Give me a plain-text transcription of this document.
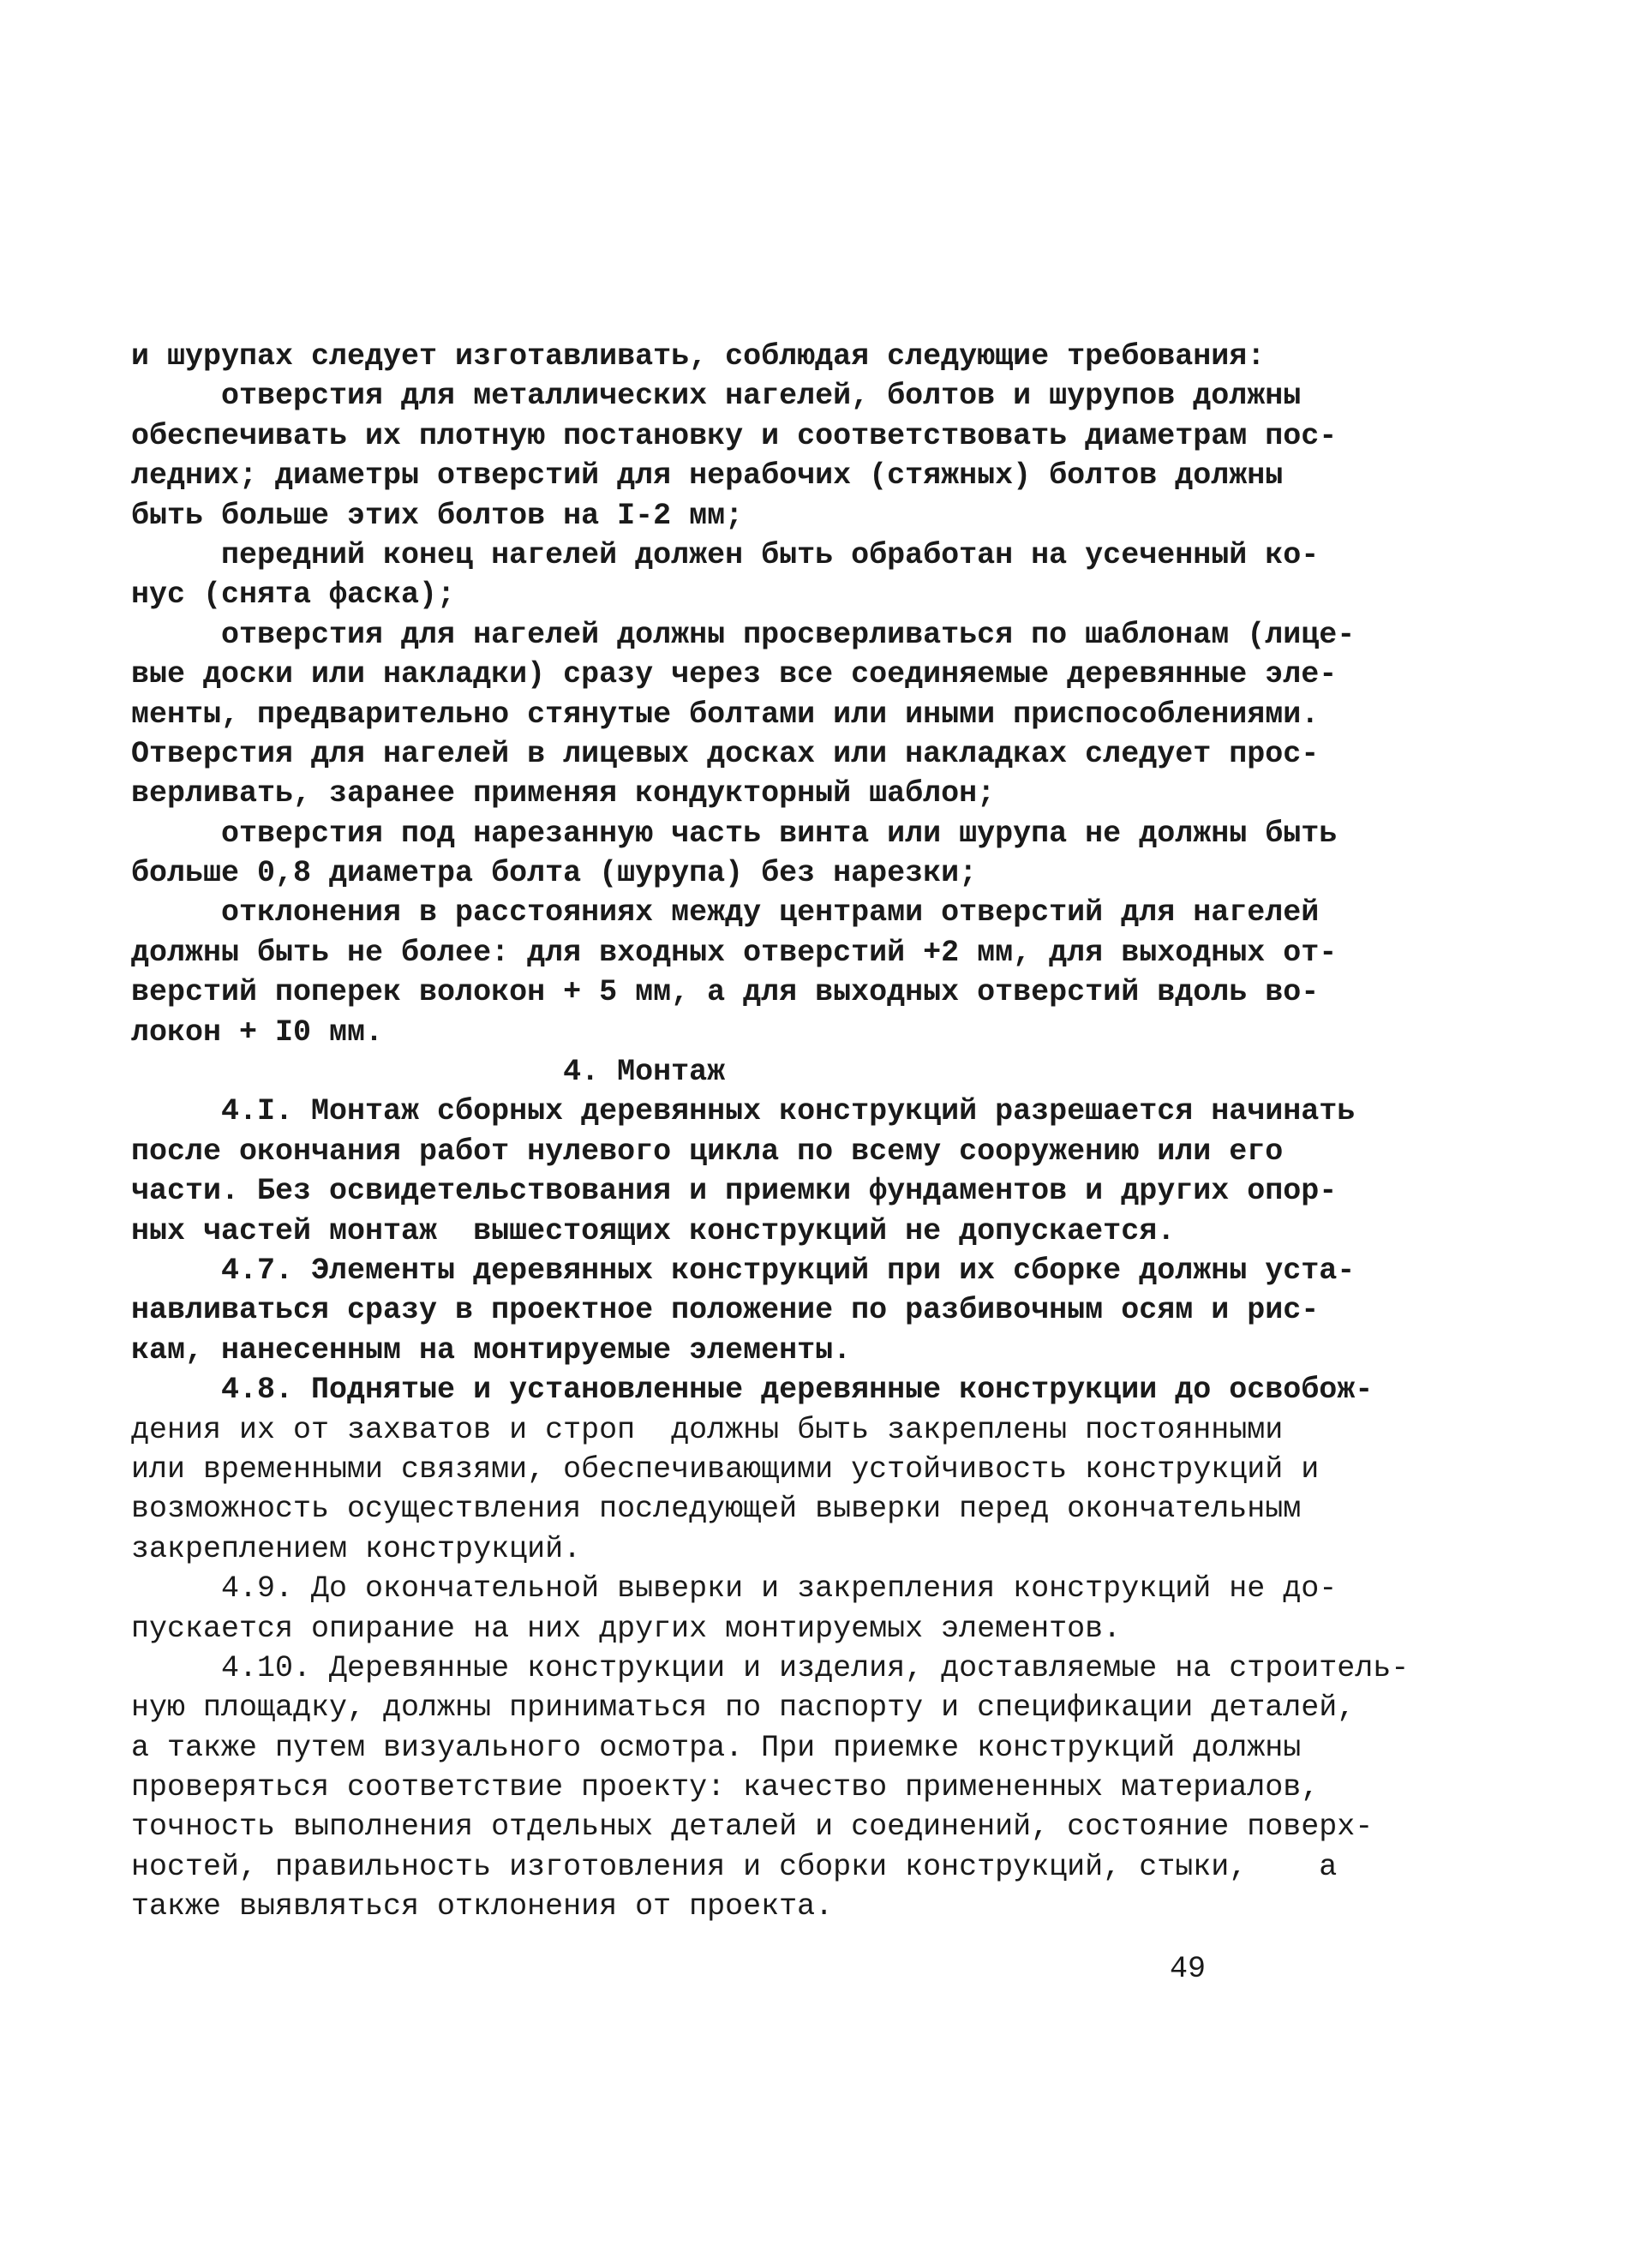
и шурупах следует изготавливать, соблюдая следующие требования:
отверстия для металлических нагелей, болтов и шурупов должны
обеспечивать их плотную постановку и соответствовать диаметрам пос-
ледних; диаметры отверстий для нерабочих (стяжных) болтов должны
быть больше этих болтов на I-2 мм;
передний конец нагелей должен быть обработан на усеченный ко-
нус (снята фаска);
отверстия для нагелей должны просверливаться по шаблонам (лице-
вые доски или накладки) сразу через все соединяемые деревянные эле-
менты, предварительно стянутые болтами или иными приспособлениями.
Отверстия для нагелей в лицевых досках или накладках следует прос-
верливать, заранее применяя кондукторный шаблон;
отверстия под нарезанную часть винта или шурупа не должны быть
больше 0,8 диаметра болта (шурупа) без нарезки;
отклонения в расстояниях между центрами отверстий для нагелей
должны быть не более: для входных отверстий +2 мм, для выходных от-
верстий поперек волокон + 5 мм, а для выходных отверстий вдоль во-
локон + I0 мм.
4. Монтаж
4.I. Монтаж сборных деревянных конструкций разрешается начинать
после окончания работ нулевого цикла по всему сооружению или его
части. Без освидетельствования и приемки фундаментов и других опор-
ных частей монтаж  вышестоящих конструкций не допускается.
4.7. Элементы деревянных конструкций при их сборке должны уста-
навливаться сразу в проектное положение по разбивочным осям и рис-
кам, нанесенным на монтируемые элементы.
4.8. Поднятые и установленные деревянные конструкции до освобож-
дения их от захватов и строп  должны быть закреплены постоянными
или временными связями, обеспечивающими устойчивость конструкций и
возможность осуществления последующей выверки перед окончательным
закреплением конструкций.
4.9. До окончательной выверки и закрепления конструкций не до-
пускается опирание на них других монтируемых элементов.
4.10. Деревянные конструкции и изделия, доставляемые на строитель-
ную площадку, должны приниматься по паспорту и спецификации деталей,
а также путем визуального осмотра. При приемке конструкций должны
проверяться соответствие проекту: качество примененных материалов,
точность выполнения отдельных деталей и соединений, состояние поверх-
ностей, правильность изготовления и сборки конструкций, стыки,    а
также выявляться отклонения от проекта.
49
